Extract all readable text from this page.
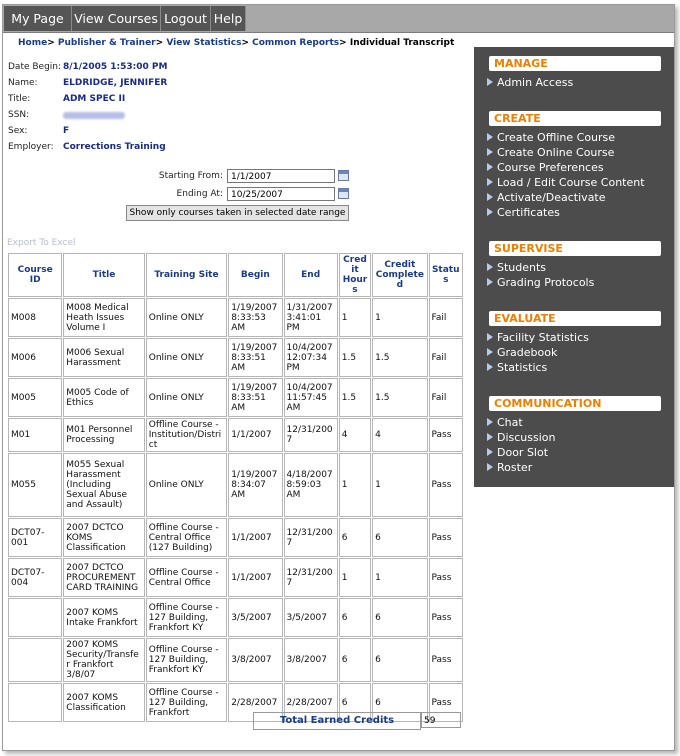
My Page View Courses Logout Help
Home> Publisher & Trainer> View Statistics> Common Reports> Individual Transcript
Date Begin: 8/1/2005 1:53:00 PM
Name:	ELDRIDGE, JENNIFER
Title:	ADM SPEC II
SSN:
Sex:	F
Employer: Corrections Training
Starting From: 1/1/2007
Ending At: 10/25/2007
Show only courses taken in selected date range
Export To Excel
Course ID	Title	Training Site	Begin	End	Credit Hours	Credit Completed	Status
M008	M008 Medical Heath Issues Volume I	Online ONLY	1/19/2007 8:33:53 AM	1/31/2007 3:41:01 PM	1	1	Fail
M006	M006 Sexual Harassment	Online ONLY	1/19/2007 8:33:51 AM	10/4/2007 12:07:34 PM	1.5	1.5	Fail
M005	M005 Code of Ethics	Online ONLY	1/19/2007 8:33:51 AM	10/4/2007 11:57:45 AM	1.5	1.5	Fail
M01	M01 Personnel Processing	Offline Course - Institution/District	1/1/2007	12/31/2007	4	4	Pass
M055	M055 Sexual Harassment (Including Sexual Abuse and Assault)	Online ONLY	1/19/2007 8:34:07 AM	4/18/2007 8:59:03 AM	1	1	Pass
DCT07-001	2007 DCTCO KOMS Classification	Offline Course - Central Office (127 Building)	1/1/2007	12/31/2007	6	6	Pass
DCT07-004	2007 DCTCO PROCUREMENT CARD TRAINING	Offline Course - Central Office	1/1/2007	12/31/2007	1	1	Pass
	2007 KOMS Intake Frankfort	Offline Course - 127 Building, Frankfort KY	3/5/2007	3/5/2007	6	6	Pass
	2007 KOMS Security/Transfer Frankfort 3/8/07	Offline Course - 127 Building, Frankfort KY	3/8/2007	3/8/2007	6	6	Pass
	2007 KOMS Classification	Offline Course - 127 Building, Frankfort	2/28/2007	2/28/2007	6	6	Pass
Total Earned Credits	59
MANAGE
Admin Access
CREATE
Create Offline Course
Create Online Course
Course Preferences
Load / Edit Course Content
Activate/Deactivate
Certificates
SUPERVISE
Students
Grading Protocols
EVALUATE
Facility Statistics
Gradebook
Statistics
COMMUNICATION
Chat
Discussion
Door Slot
Roster
